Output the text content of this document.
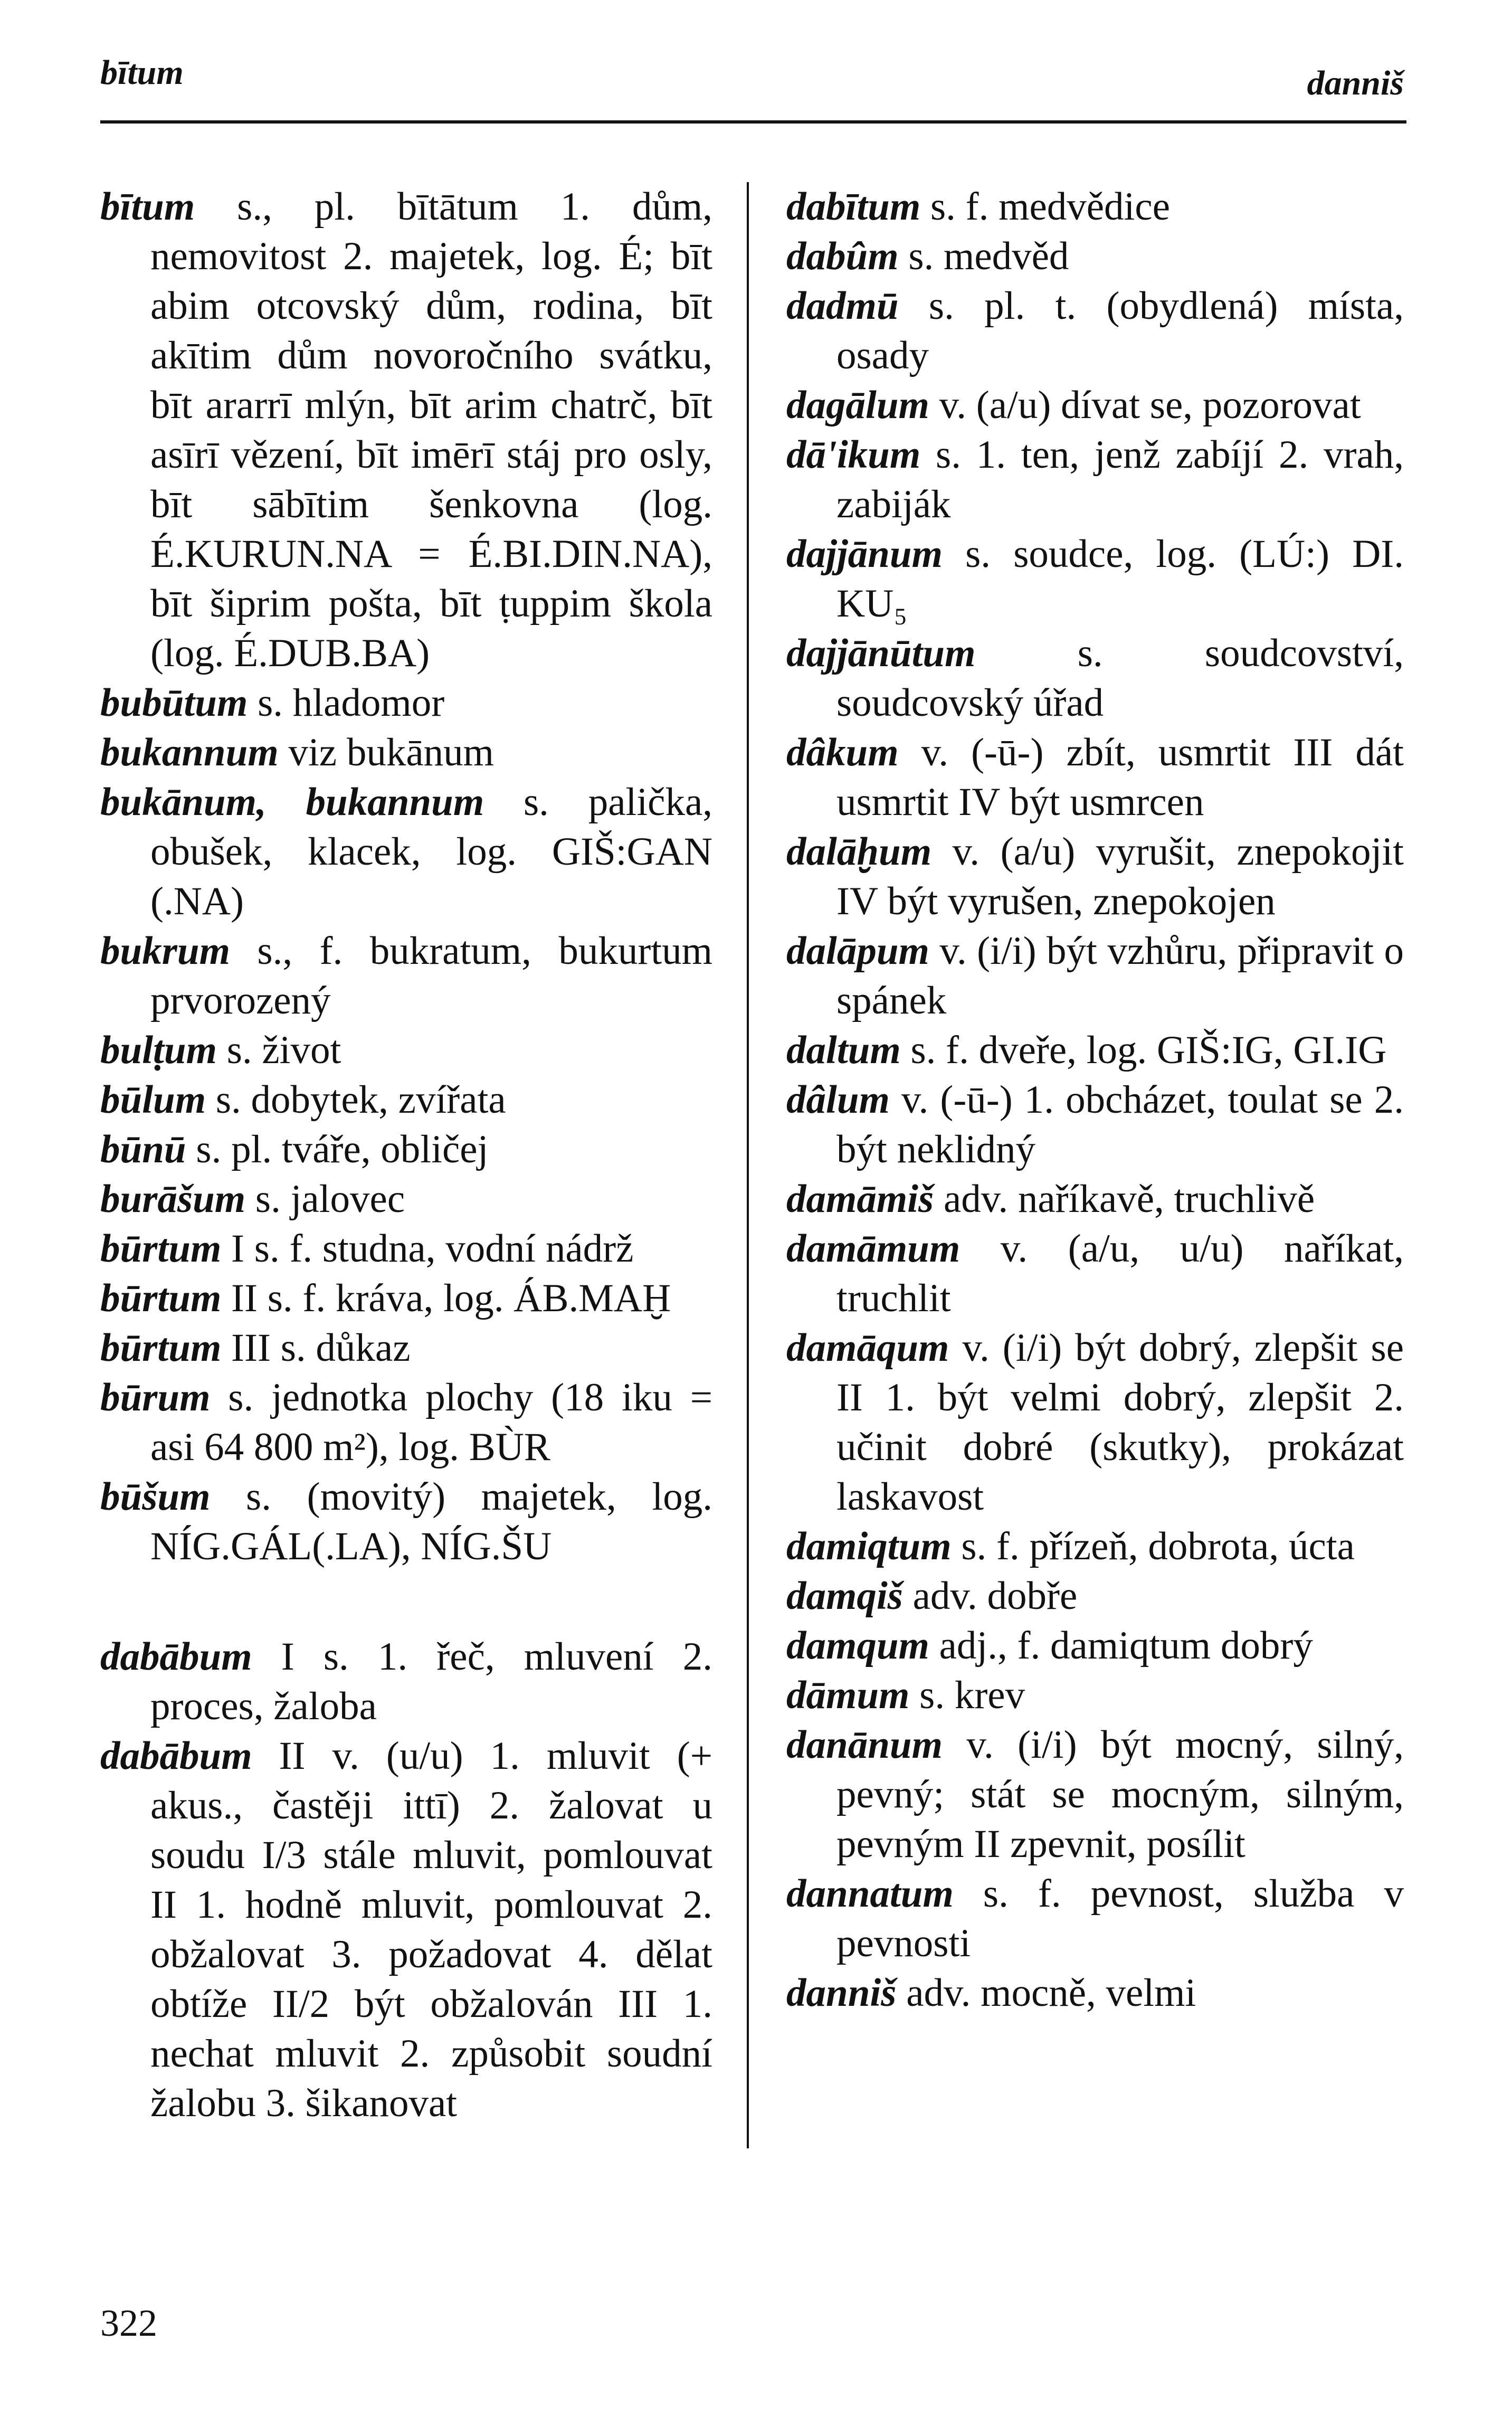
bītum	danniš

bītum s., pl. bītātum 1. dům, nemovitost 2. majetek, log. É; bīt abim otcovský dům, rodina, bīt akītim dům novoročního svátku, bīt ararrī mlýn, bīt arim chatrč, bīt asīrī vězení, bīt imērī stáj pro osly, bīt sābītim šenkovna (log. É.KURUN.NA = É.BI.DIN.NA), bīt šiprim pošta, bīt ṭuppim škola (log. É.DUB.BA)

bubūtum s. hladomor

bukannum viz bukānum

bukānum, bukannum s. palička, obušek, klacek, log. GIŠ:GAN (.NA)

bukrum s., f. bukratum, bukurtum prvorozený

bulṭum s. život

būlum s. dobytek, zvířata

būnū s. pl. tváře, obličej

burāšum s. jalovec

būrtum I s. f. studna, vodní nádrž

būrtum II s. f. kráva, log. ÁB.MAḪ

būrtum III s. důkaz

būrum s. jednotka plochy (18 iku = asi 64 800 m²), log. BÙR

būšum s. (movitý) majetek, log. NÍG.GÁL(.LA), NÍG.ŠU

dabābum I s. 1. řeč, mluvení 2. proces, žaloba

dabābum II v. (u/u) 1. mluvit (+ akus., častěji ittī) 2. žalovat u soudu I/3 stále mluvit, pomlouvat II 1. hodně mluvit, pomlouvat 2. obžalovat 3. požadovat 4. dělat obtíže II/2 být obžalován III 1. nechat mluvit 2. způsobit soudní žalobu 3. šikanovat

dabītum s. f. medvědice

dabûm s. medvěd

dadmū s. pl. t. (obydlená) místa, osady

dagālum v. (a/u) dívat se, pozorovat

dā'ikum s. 1. ten, jenž zabíjí 2. vrah, zabiják

dajjānum s. soudce, log. (LÚ:) DI. KU₅

dajjānūtum s. soudcovství, soudcovský úřad

dâkum v. (-ū-) zbít, usmrtit III dát usmrtit IV být usmrcen

dalāḫum v. (a/u) vyrušit, znepokojit IV být vyrušen, znepokojen

dalāpum v. (i/i) být vzhůru, připravit o spánek

daltum s. f. dveře, log. GIŠ:IG, GI.IG

dâlum v. (-ū-) 1. obcházet, toulat se 2. být neklidný

damāmiš adv. naříkavě, truchlivě

damāmum v. (a/u, u/u) naříkat, truchlit

damāqum v. (i/i) být dobrý, zlepšit se II 1. být velmi dobrý, zlepšit 2. učinit dobré (skutky), prokázat laskavost

damiqtum s. f. přízeň, dobrota, úcta

damqiš adv. dobře

damqum adj., f. damiqtum dobrý

dāmum s. krev

danānum v. (i/i) být mocný, silný, pevný; stát se mocným, silným, pevným II zpevnit, posílit

dannatum s. f. pevnost, služba v pevnosti

danniš adv. mocně, velmi

322
